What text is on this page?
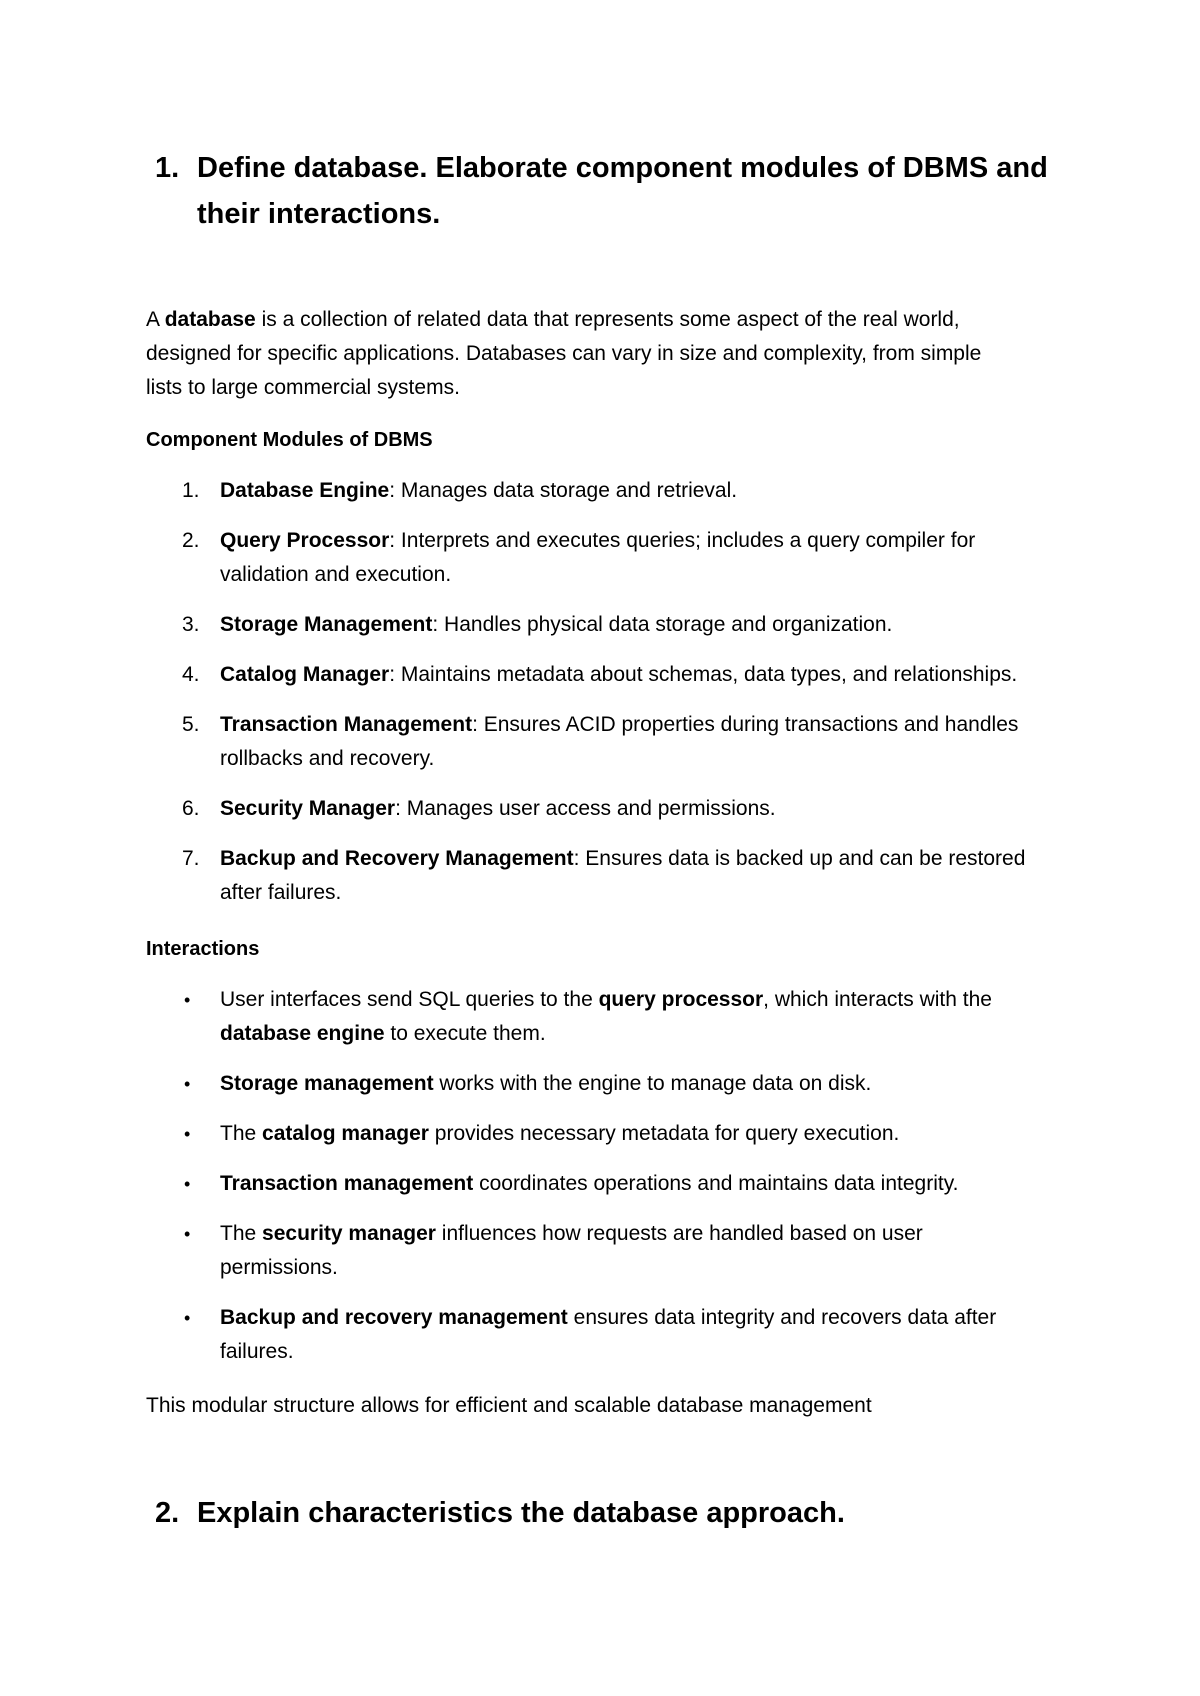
1. Define database. Elaborate component modules of DBMS and
their interactions.
A database is a collection of related data that represents some aspect of the real world,
designed for specific applications. Databases can vary in size and complexity, from simple
lists to large commercial systems.
Component Modules of DBMS
1. Database Engine: Manages data storage and retrieval.
2. Query Processor: Interprets and executes queries; includes a query compiler for
validation and execution.
3. Storage Management: Handles physical data storage and organization.
4. Catalog Manager: Maintains metadata about schemas, data types, and relationships.
5. Transaction Management: Ensures ACID properties during transactions and handles
rollbacks and recovery.
6. Security Manager: Manages user access and permissions.
7. Backup and Recovery Management: Ensures data is backed up and can be restored
after failures.
Interactions
• User interfaces send SQL queries to the query processor, which interacts with the
database engine to execute them.
• Storage management works with the engine to manage data on disk.
• The catalog manager provides necessary metadata for query execution.
• Transaction management coordinates operations and maintains data integrity.
• The security manager influences how requests are handled based on user
permissions.
• Backup and recovery management ensures data integrity and recovers data after
failures.
This modular structure allows for efficient and scalable database management
2. Explain characteristics the database approach.
